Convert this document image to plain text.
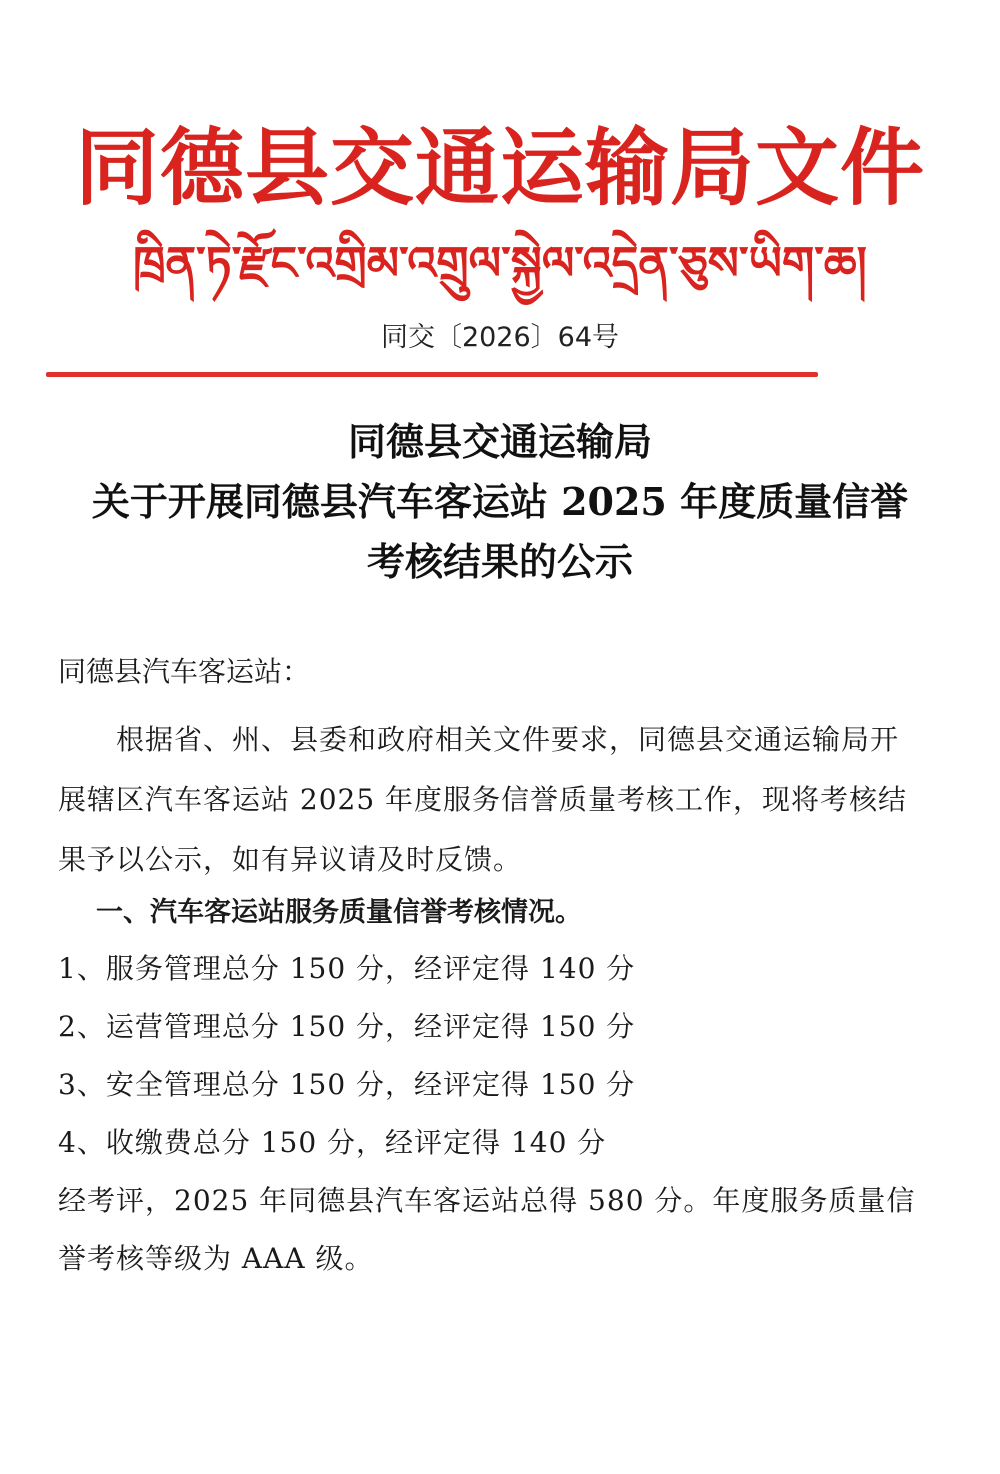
同德县交通运输局文件
ཁྲིན་ཏེ་རྫོང་འགྲིམ་འགྲུལ་སྐྱེལ་འདྲེན་ཅུས་ཡིག་ཆ།
同交〔2026〕64号
同德县交通运输局
关于开展同德县汽车客运站 2025 年度质量信誉
考核结果的公示
同德县汽车客运站：
根据省、州、县委和政府相关文件要求，同德县交通运输局开展辖区汽车客运站 2025 年度服务信誉质量考核工作，现将考核结果予以公示，如有异议请及时反馈。
一、汽车客运站服务质量信誉考核情况。
1、服务管理总分 150 分，经评定得 140 分
2、运营管理总分 150 分，经评定得 150 分
3、安全管理总分 150 分，经评定得 150 分
4、收缴费总分 150 分，经评定得 140 分
经考评，2025 年同德县汽车客运站总得 580 分。年度服务质量信誉考核等级为 AAA 级。
